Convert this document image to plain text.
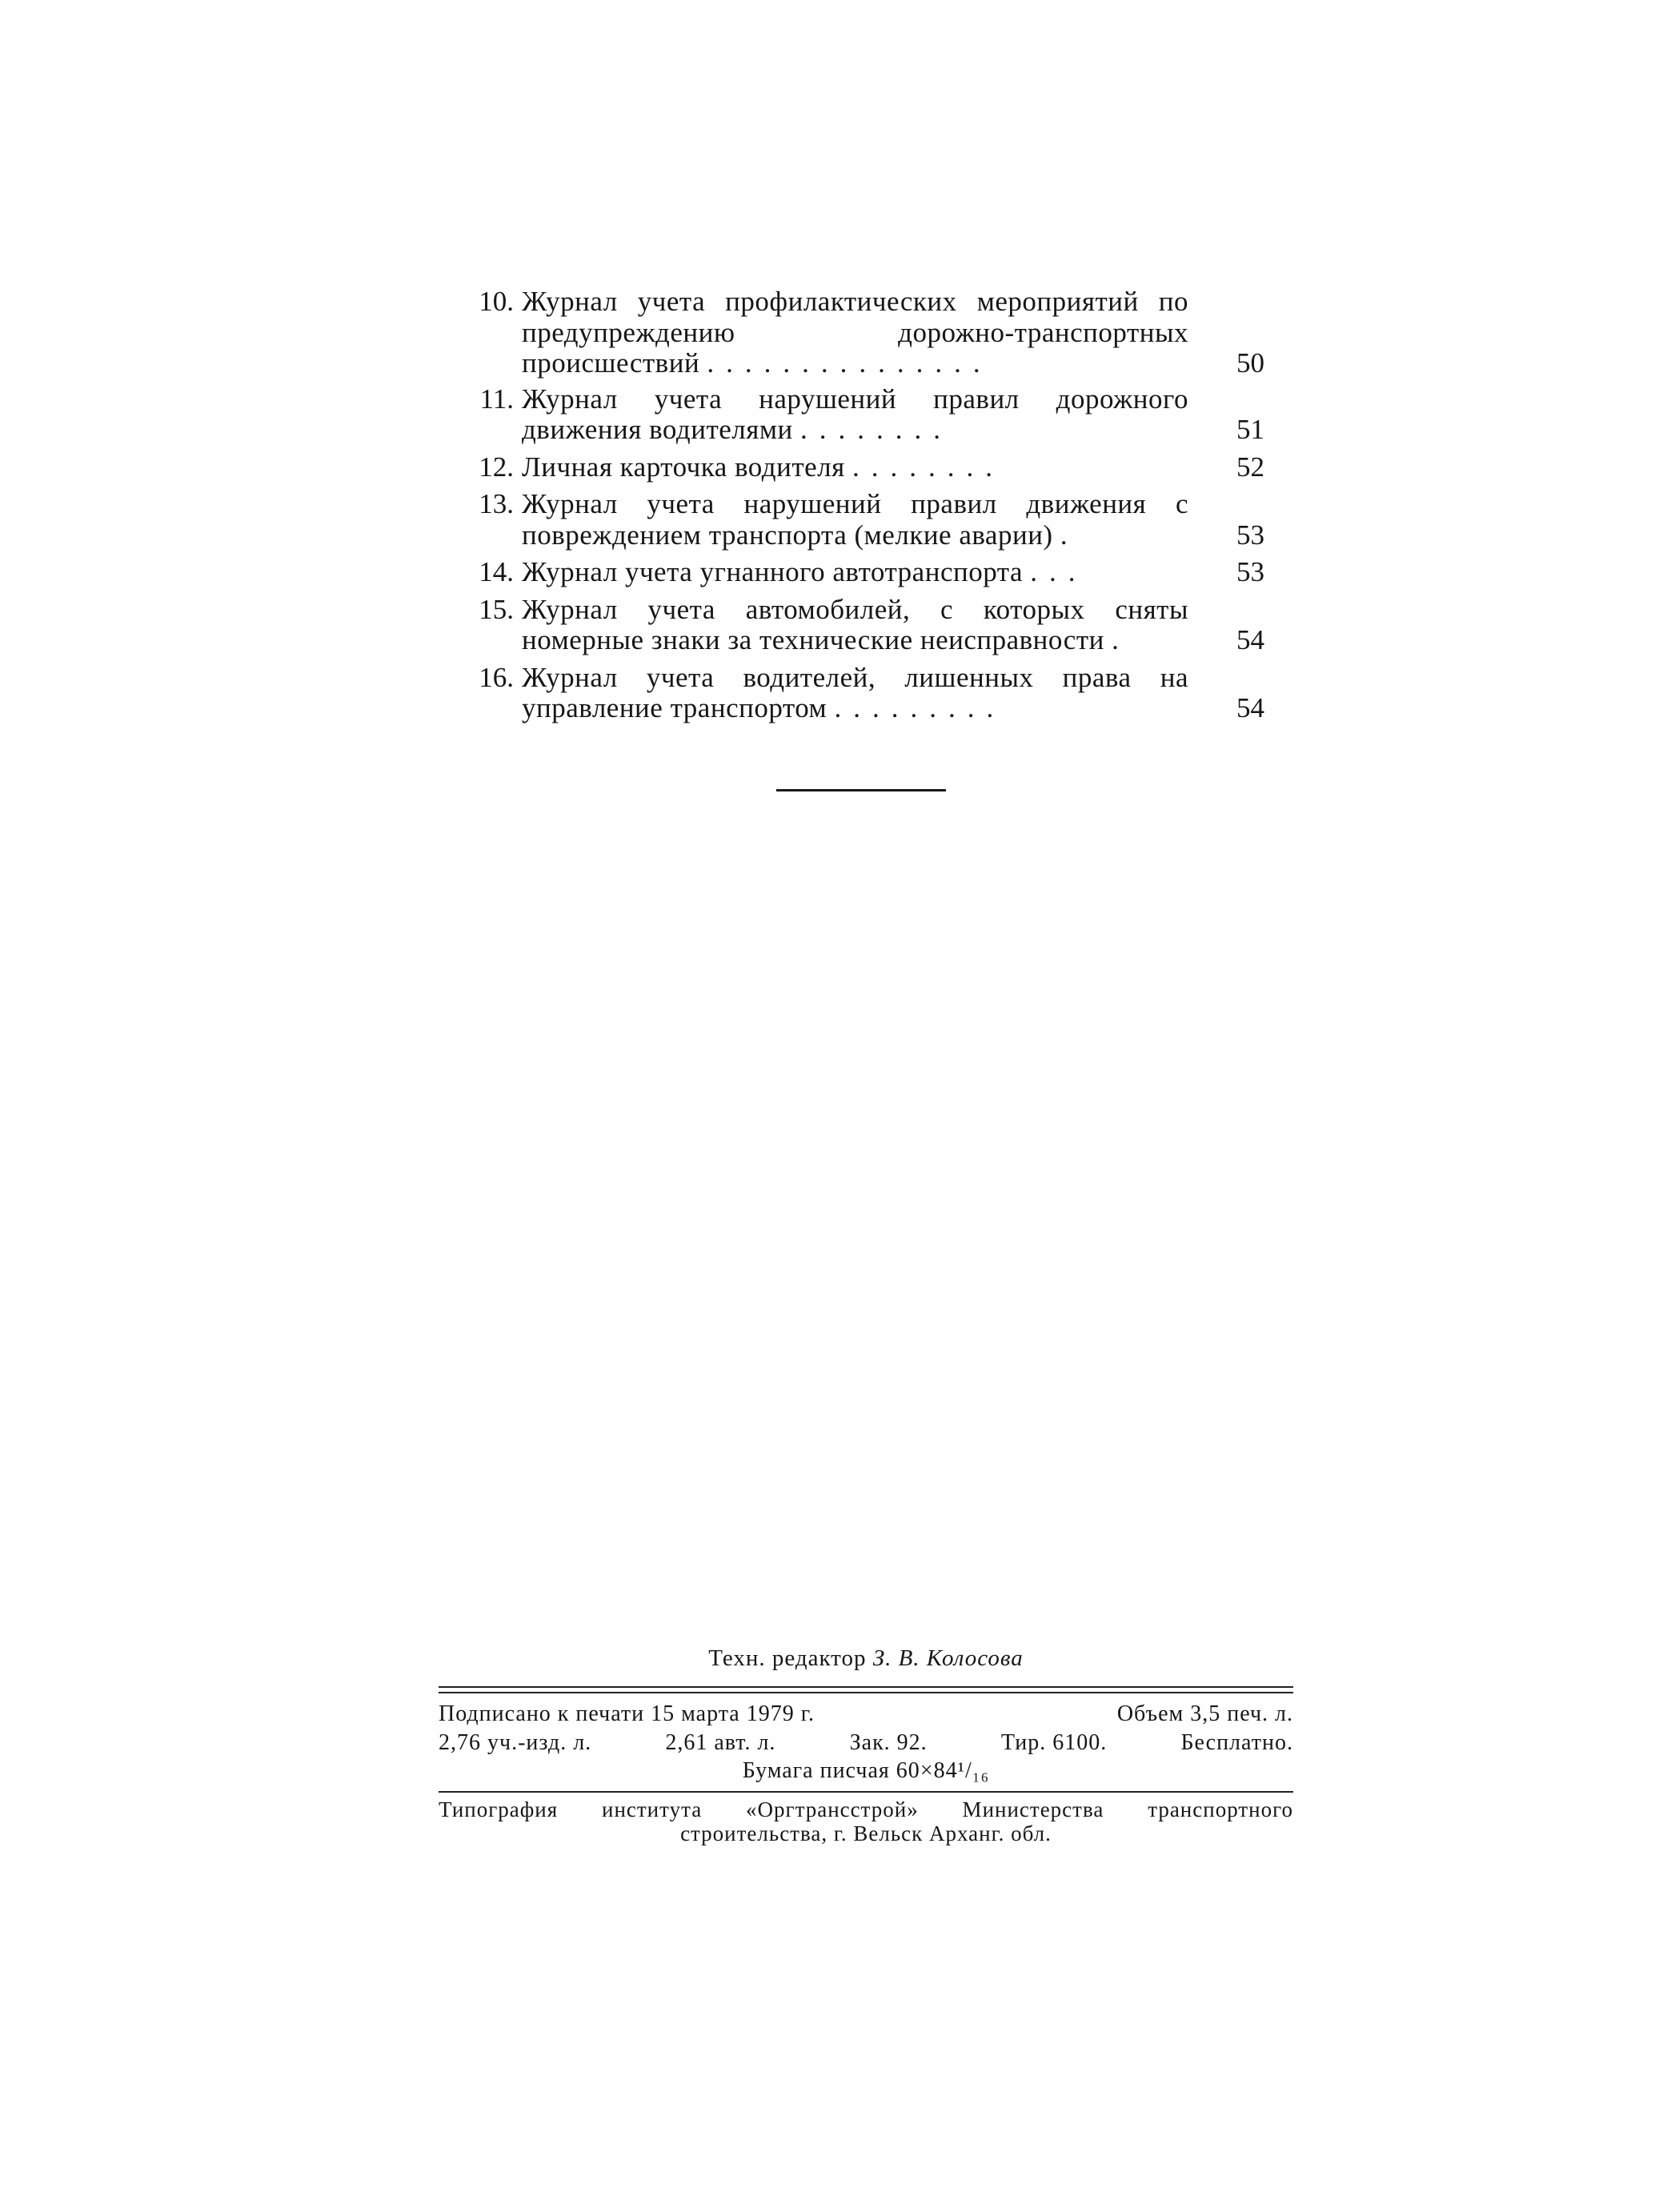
10. Журнал учета профилактических мероприятий по предупреждению дорожно-транспортных происшествий ...............	50
11. Журнал учета нарушений правил дорожного движения водителями ........	51
12. Личная карточка водителя ........	52
13. Журнал учета нарушений правил движения с повреждением транспорта (мелкие аварии) .	53
14. Журнал учета угнанного автотранспорта ...	53
15. Журнал учета автомобилей, с которых сняты номерные знаки за технические неисправности .	54
16. Журнал учета водителей, лишенных права на управление транспортом .........	54
Техн. редактор З. В. Колосова
Подписано к печати 15 марта 1979 г.	Объем 3,5 печ. л.
2,76 уч.-изд. л.	2,61 авт. л.	Зак. 92.	Тир. 6100.	Бесплатно.
Бумага писчая 60×84¹/₁₆
Типография института «Оргтрансстрой» Министерства транспортного
строительства, г. Вельск Арханг. обл.
